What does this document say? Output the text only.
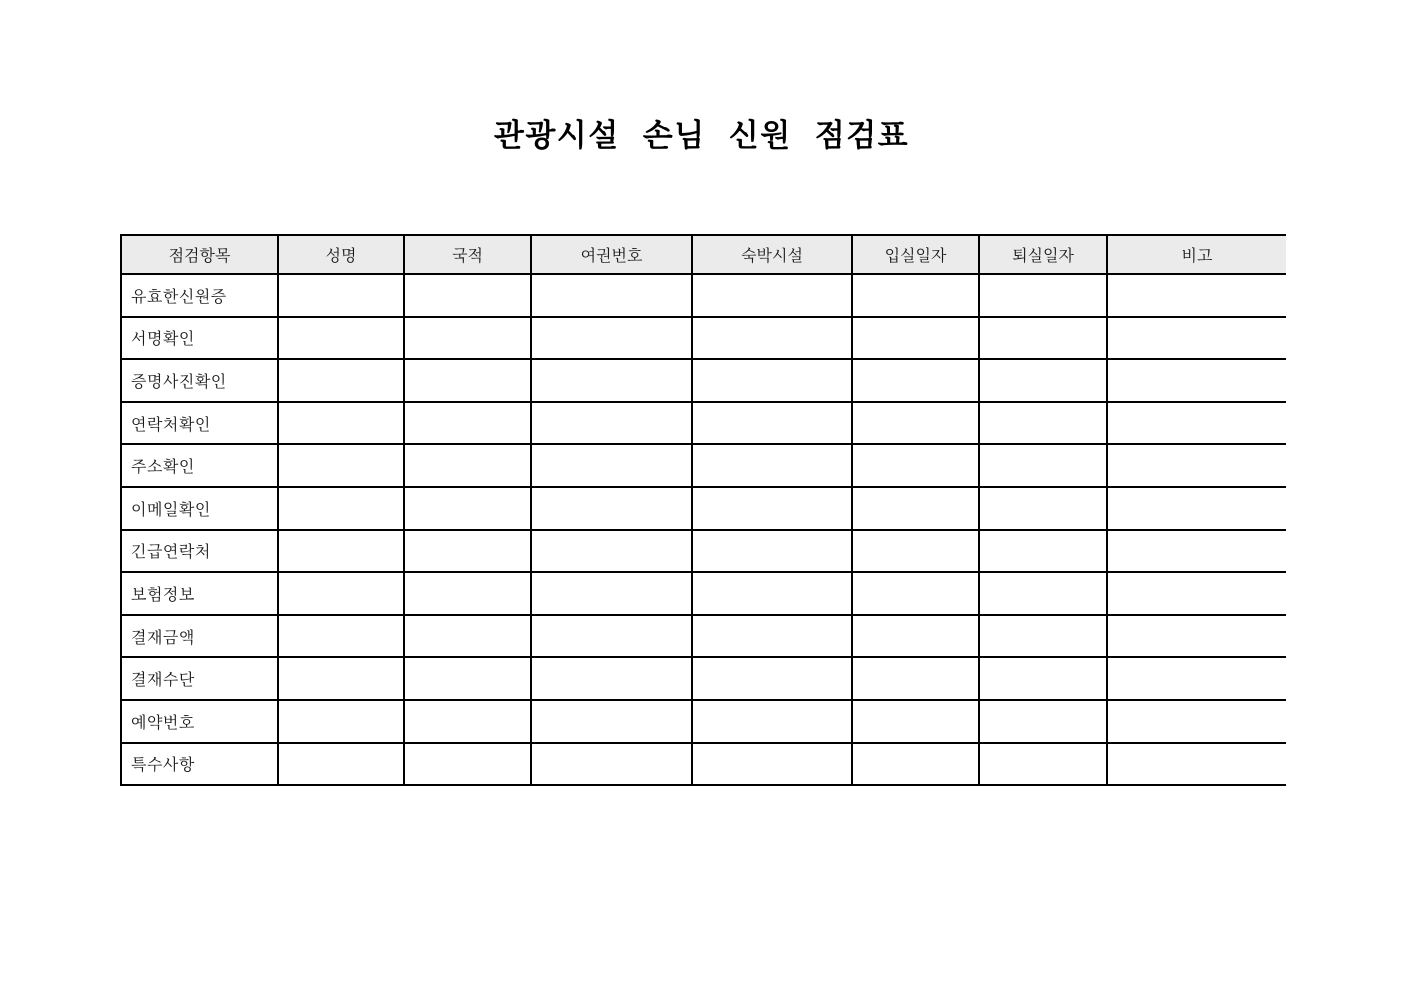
관광시설 손님 신원 점검표
점검항목	성명	국적	여권번호	숙박시설	입실일자	퇴실일자	비고
유효한신원증							
서명확인							
증명사진확인							
연락처확인							
주소확인							
이메일확인							
긴급연락처							
보험정보							
결재금액							
결재수단							
예약번호							
특수사항							
